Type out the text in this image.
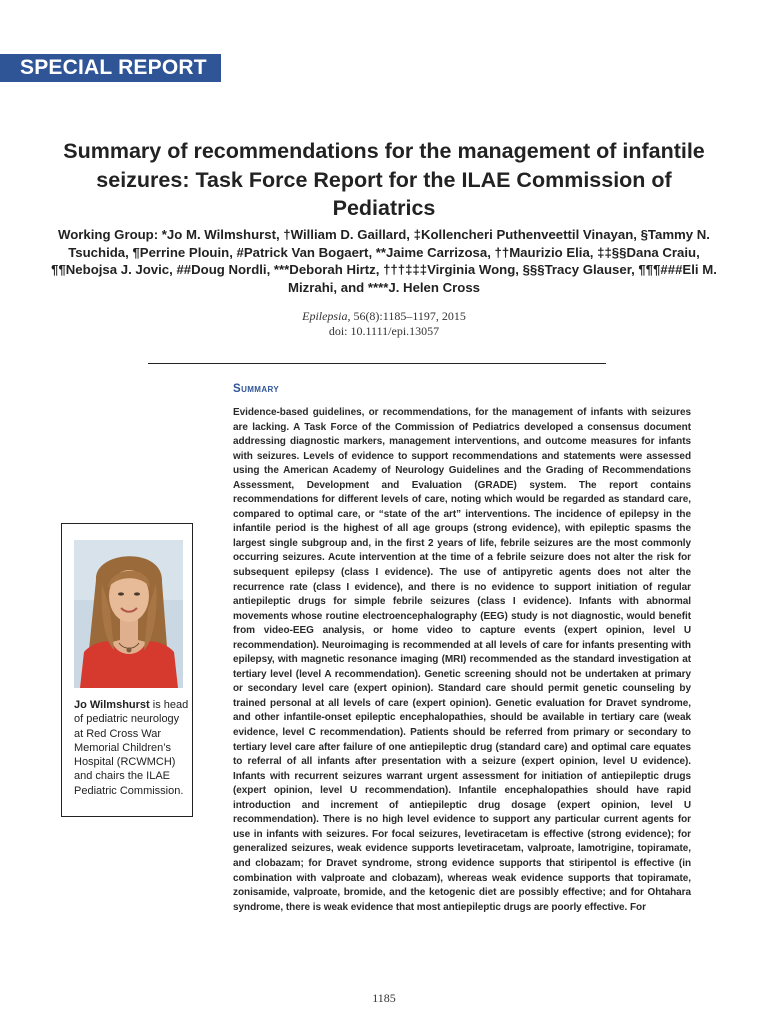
SPECIAL REPORT
Summary of recommendations for the management of infantile seizures: Task Force Report for the ILAE Commission of Pediatrics

Working Group: *Jo M. Wilmshurst, †William D. Gaillard, ‡Kollencheri Puthenveettil Vinayan, §Tammy N. Tsuchida, ¶Perrine Plouin, #Patrick Van Bogaert, **Jaime Carrizosa, ††Maurizio Elia, ‡‡§§Dana Craiu, ¶¶Nebojsa J. Jovic, ##Doug Nordli, ***Deborah Hirtz, †††‡‡‡Virginia Wong, §§§Tracy Glauser, ¶¶¶###Eli M. Mizrahi, and ****J. Helen Cross

Epilepsia, 56(8):1185–1197, 2015
doi: 10.1111/epi.13057
Summary

Evidence-based guidelines, or recommendations, for the management of infants with seizures are lacking. A Task Force of the Commission of Pediatrics developed a consensus document addressing diagnostic markers, management interventions, and outcome measures for infants with seizures. Levels of evidence to support recommendations and statements were assessed using the American Academy of Neurology Guidelines and the Grading of Recommendations Assessment, Development and Evaluation (GRADE) system. The report contains recommendations for different levels of care, noting which would be regarded as standard care, compared to optimal care, or “state of the art” interventions. The incidence of epilepsy in the infantile period is the highest of all age groups (strong evidence), with epileptic spasms the largest single subgroup and, in the first 2 years of life, febrile seizures are the most commonly occurring seizures. Acute intervention at the time of a febrile seizure does not alter the risk for subsequent epilepsy (class I evidence). The use of antipyretic agents does not alter the recurrence rate (class I evidence), and there is no evidence to support initiation of regular antiepileptic drugs for simple febrile seizures (class I evidence). Infants with abnormal movements whose routine electroencephalography (EEG) study is not diagnostic, would benefit from video-EEG analysis, or home video to capture events (expert opinion, level U recommendation). Neuroimaging is recommended at all levels of care for infants presenting with epilepsy, with magnetic resonance imaging (MRI) recommended as the standard investigation at tertiary level (level A recommendation). Genetic screening should not be undertaken at primary or secondary level care (expert opinion). Standard care should permit genetic counseling by trained personal at all levels of care (expert opinion). Genetic evaluation for Dravet syndrome, and other infantile-onset epileptic encephalopathies, should be available in tertiary care (weak evidence, level C recommendation). Patients should be referred from primary or secondary to tertiary level care after failure of one antiepileptic drug (standard care) and optimal care equates to referral of all infants after presentation with a seizure (expert opinion, level U evidence). Infants with recurrent seizures warrant urgent assessment for initiation of antiepileptic drugs (expert opinion, level U recommendation). Infantile encephalopathies should have rapid introduction and increment of antiepileptic drug dosage (expert opinion, level U recommendation). There is no high level evidence to support any particular current agents for use in infants with seizures. For focal seizures, levetiracetam is effective (strong evidence); for generalized seizures, weak evidence supports levetiracetam, valproate, lamotrigine, topiramate, and clobazam; for Dravet syndrome, strong evidence supports that stiripentol is effective (in combination with valproate and clobazam), whereas weak evidence supports that topiramate, zonisamide, valproate, bromide, and the ketogenic diet are possibly effective; and for Ohtahara syndrome, there is weak evidence that most antiepileptic drugs are poorly effective. For

Jo Wilmshurst is head of pediatric neurology at Red Cross War Memorial Children’s Hospital (RCWMCH) and chairs the ILAE Pediatric Commission.

1185
